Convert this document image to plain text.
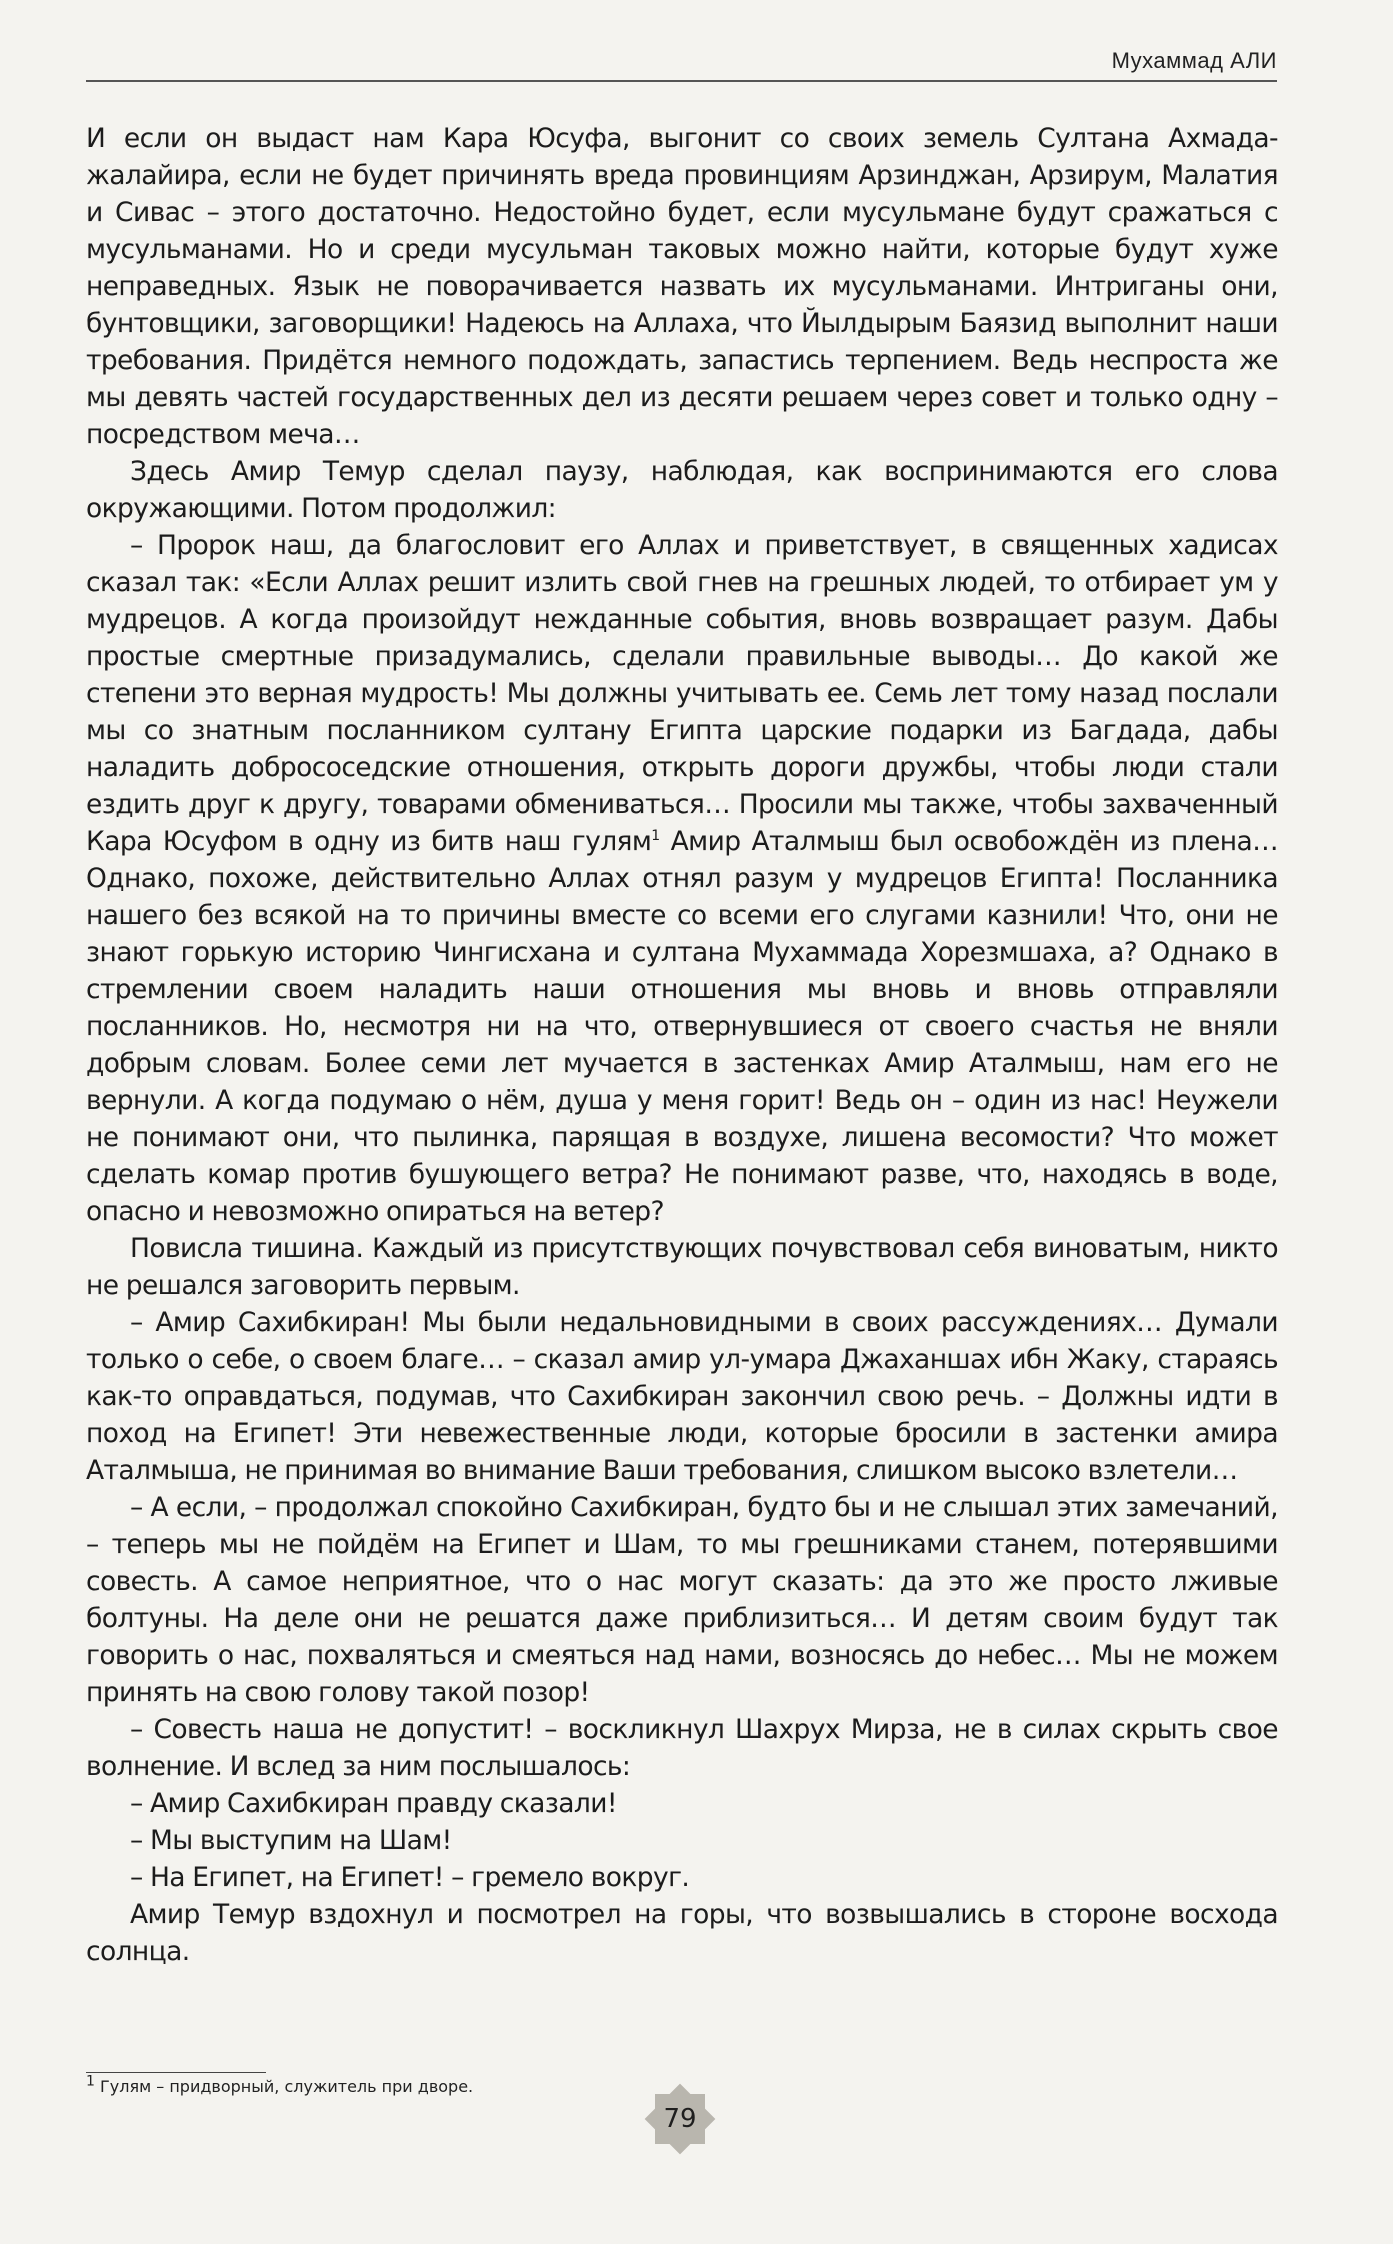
Мухаммад АЛИ

И если он выдаст нам Кара Юсуфа, выгонит со своих земель Султана Ахмада-жалайира, если не будет причинять вреда провинциям Арзинджан, Арзирум, Малатия и Сивас – этого достаточно. Недостойно будет, если мусульмане будут сражаться с мусульманами. Но и среди мусульман таковых можно найти, которые будут хуже неправедных. Язык не поворачивается назвать их мусульманами. Интриганы они, бунтовщики, заговорщики! Надеюсь на Аллаха, что Йылдырым Баязид выполнит наши требования. Придётся немного подождать, запастись терпением. Ведь неспроста же мы девять частей государственных дел из десяти решаем через совет и только одну – посредством меча…

Здесь Амир Темур сделал паузу, наблюдая, как воспринимаются его слова окружающими. Потом продолжил:

– Пророк наш, да благословит его Аллах и приветствует, в священных хадисах сказал так: «Если Аллах решит излить свой гнев на грешных людей, то отбирает ум у мудрецов. А когда произойдут нежданные события, вновь возвращает разум. Дабы простые смертные призадумались, сделали правильные выводы… До какой же степени это верная мудрость! Мы должны учитывать ее. Семь лет тому назад послали мы со знатным посланником султану Египта царские подарки из Багдада, дабы наладить добрососедские отношения, открыть дороги дружбы, чтобы люди стали ездить друг к другу, товарами обмениваться… Просили мы также, чтобы захваченный Кара Юсуфом в одну из битв наш гулям$^1$ Амир Аталмыш был освобождён из плена… Однако, похоже, действительно Аллах отнял разум у мудрецов Египта! Посланника нашего без всякой на то причины вместе со всеми его слугами казнили! Что, они не знают горькую историю Чингисхана и султана Мухаммада Хорезмшаха, а? Однако в стремлении своем наладить наши отношения мы вновь и вновь отправляли посланников. Но, несмотря ни на что, отвернувшиеся от своего счастья не вняли добрым словам. Более семи лет мучается в застенках Амир Аталмыш, нам его не вернули. А когда подумаю о нём, душа у меня горит! Ведь он – один из нас! Неужели не понимают они, что пылинка, парящая в воздухе, лишена весомости? Что может сделать комар против бушующего ветра? Не понимают разве, что, находясь в воде, опасно и невозможно опираться на ветер?

Повисла тишина. Каждый из присутствующих почувствовал себя виноватым, никто не решался заговорить первым.

– Амир Сахибкиран! Мы были недальновидными в своих рассуждениях… Думали только о себе, о своем благе… – сказал амир ул-умара Джаханшах ибн Жаку, стараясь как-то оправдаться, подумав, что Сахибкиран закончил свою речь. – Должны идти в поход на Египет! Эти невежественные люди, которые бросили в застенки амира Аталмыша, не принимая во внимание Ваши требования, слишком высоко взлетели…

– А если, – продолжал спокойно Сахибкиран, будто бы и не слышал этих замечаний, – теперь мы не пойдём на Египет и Шам, то мы грешниками станем, потерявшими совесть. А самое неприятное, что о нас могут сказать: да это же просто лживые болтуны. На деле они не решатся даже приблизиться… И детям своим будут так говорить о нас, похваляться и смеяться над нами, возносясь до небес… Мы не можем принять на свою голову такой позор!

– Совесть наша не допустит! – воскликнул Шахрух Мирза, не в силах скрыть свое волнение. И вслед за ним послышалось:

– Амир Сахибкиран правду сказали!

– Мы выступим на Шам!

– На Египет, на Египет! – гремело вокруг.

Амир Темур вздохнул и посмотрел на горы, что возвышались в стороне восхода солнца.

$^1$ Гулям – придворный, служитель при дворе.
79
